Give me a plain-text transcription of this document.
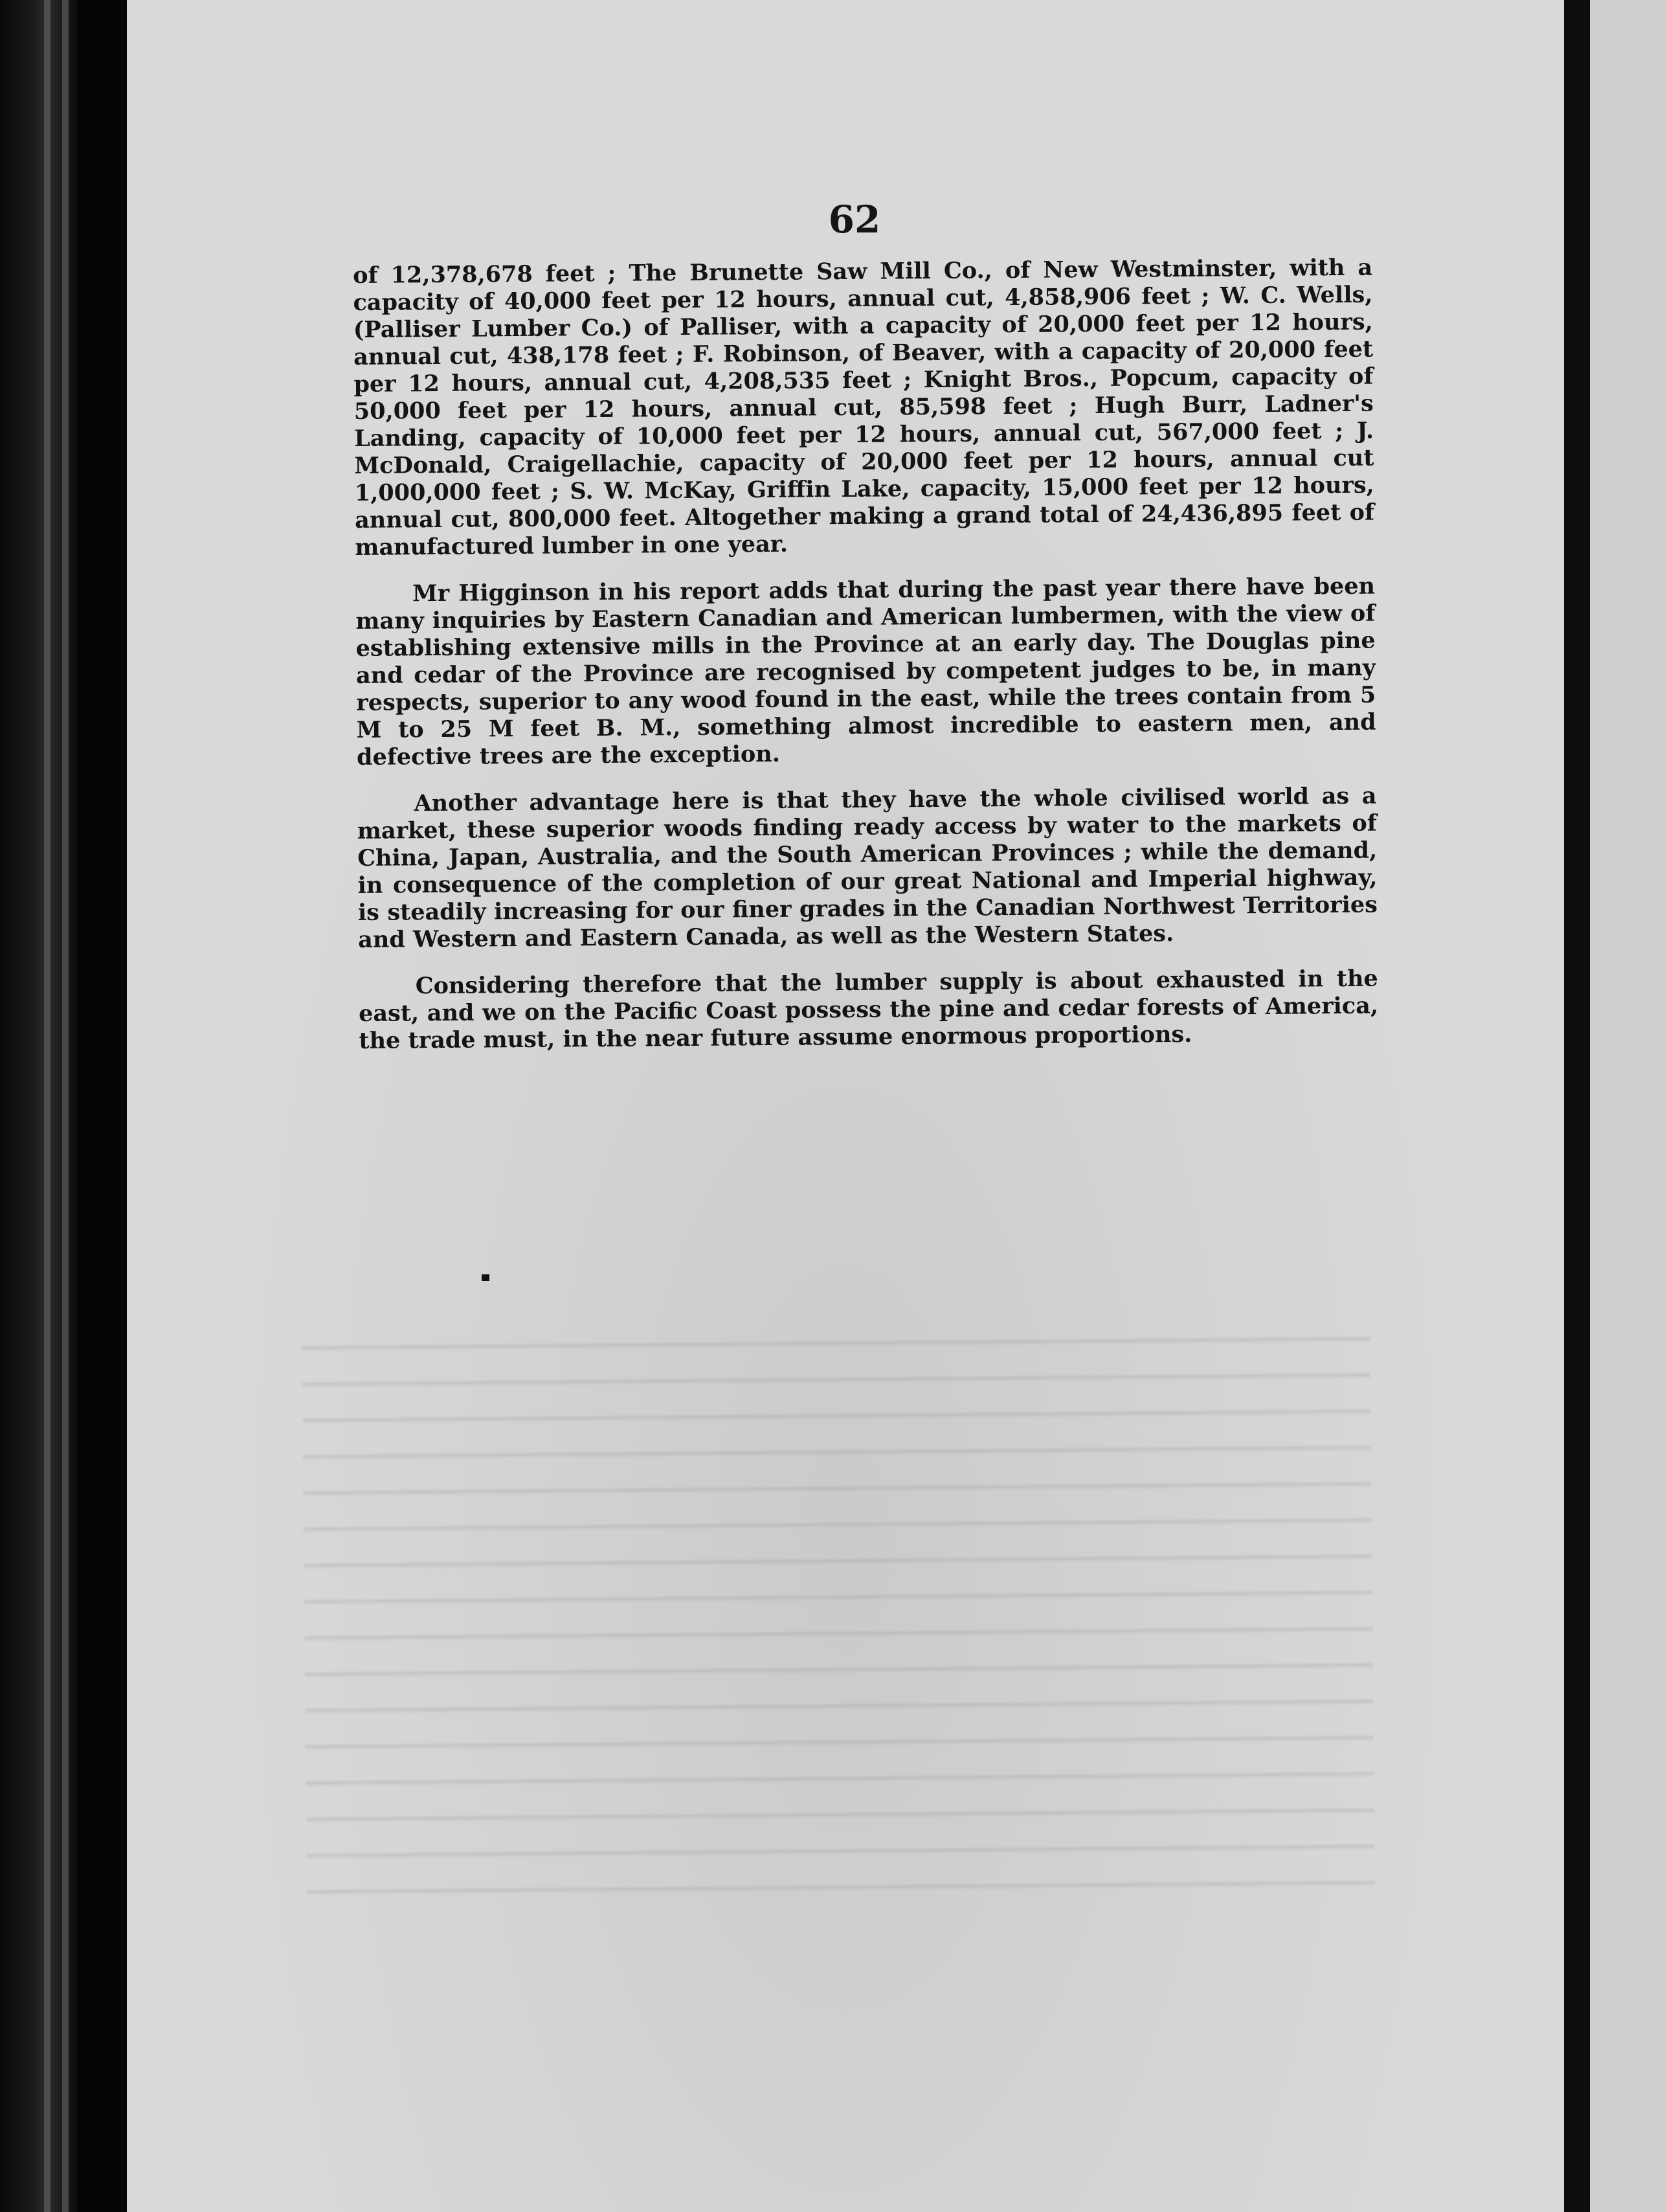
62

of 12,378,678 feet ; The Brunette Saw Mill Co., of New Westminster, with a capacity of 40,000 feet per 12 hours, annual cut, 4,858,906 feet ; W. C. Wells, (Palliser Lumber Co.) of Palliser, with a capacity of 20,000 feet per 12 hours, annual cut, 438,178 feet ; F. Robinson, of Beaver, with a capacity of 20,000 feet per 12 hours, annual cut, 4,208,535 feet ; Knight Bros., Popcum, capacity of 50,000 feet per 12 hours, annual cut, 85,598 feet ; Hugh Burr, Ladner's Landing, capacity of 10,000 feet per 12 hours, annual cut, 567,000 feet ; J. McDonald, Craigellachie, capacity of 20,000 feet per 12 hours, annual cut 1,000,000 feet ; S. W. McKay, Griffin Lake, capacity, 15,000 feet per 12 hours, annual cut, 800,000 feet. Altogether making a grand total of 24,436,895 feet of manufactured lumber in one year.

Mr Higginson in his report adds that during the past year there have been many inquiries by Eastern Canadian and American lumbermen, with the view of establishing extensive mills in the Province at an early day. The Douglas pine and cedar of the Province are recognised by competent judges to be, in many respects, superior to any wood found in the east, while the trees contain from 5 M to 25 M feet B. M., something almost incredible to eastern men, and defective trees are the exception.

Another advantage here is that they have the whole civilised world as a market, these superior woods finding ready access by water to the markets of China, Japan, Australia, and the South American Provinces ; while the demand, in consequence of the completion of our great National and Imperial highway, is steadily increasing for our finer grades in the Canadian Northwest Territories and Western and Eastern Canada, as well as the Western States.

Considering therefore that the lumber supply is about exhausted in the east, and we on the Pacific Coast possess the pine and cedar forests of America, the trade must, in the near future assume enormous proportions.
